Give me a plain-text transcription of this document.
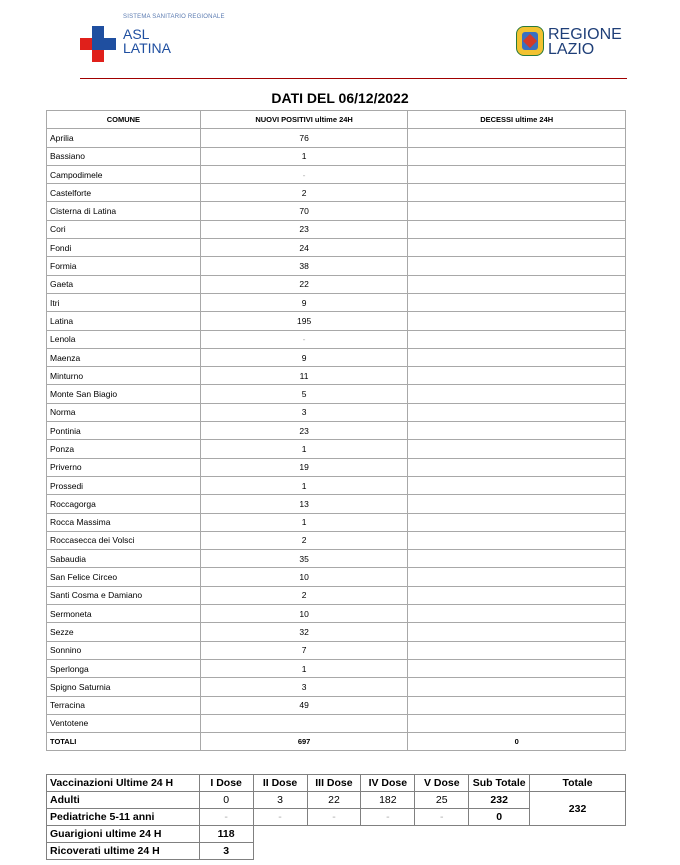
SISTEMA SANITARIO REGIONALE
ASL
LATINA
REGIONE
LAZIO
DATI DEL 06/12/2022
COMUNE	NUOVI POSITIVI ultime 24H	DECESSI ultime 24H
Aprilia	76	
Bassiano	1	
Campodimele	-	
Castelforte	2	
Cisterna di Latina	70	
Cori	23	
Fondi	24	
Formia	38	
Gaeta	22	
Itri	9	
Latina	195	
Lenola	-	
Maenza	9	
Minturno	11	
Monte San Biagio	5	
Norma	3	
Pontinia	23	
Ponza	1	
Priverno	19	
Prossedi	1	
Roccagorga	13	
Rocca Massima	1	
Roccasecca dei Volsci	2	
Sabaudia	35	
San Felice Circeo	10	
Santi Cosma e Damiano	2	
Sermoneta	10	
Sezze	32	
Sonnino	7	
Sperlonga	1	
Spigno Saturnia	3	
Terracina	49	
Ventotene		
TOTALI	697	0
Vaccinazioni Ultime 24 H	I Dose	II Dose	III Dose	IV Dose	V Dose	Sub Totale	Totale
Adulti	0	3	22	182	25	232	232
Pediatriche 5-11 anni	-	-	-	-	-	0	
Guarigioni ultime 24 H	118						
Ricoverati ultime 24 H	3						
